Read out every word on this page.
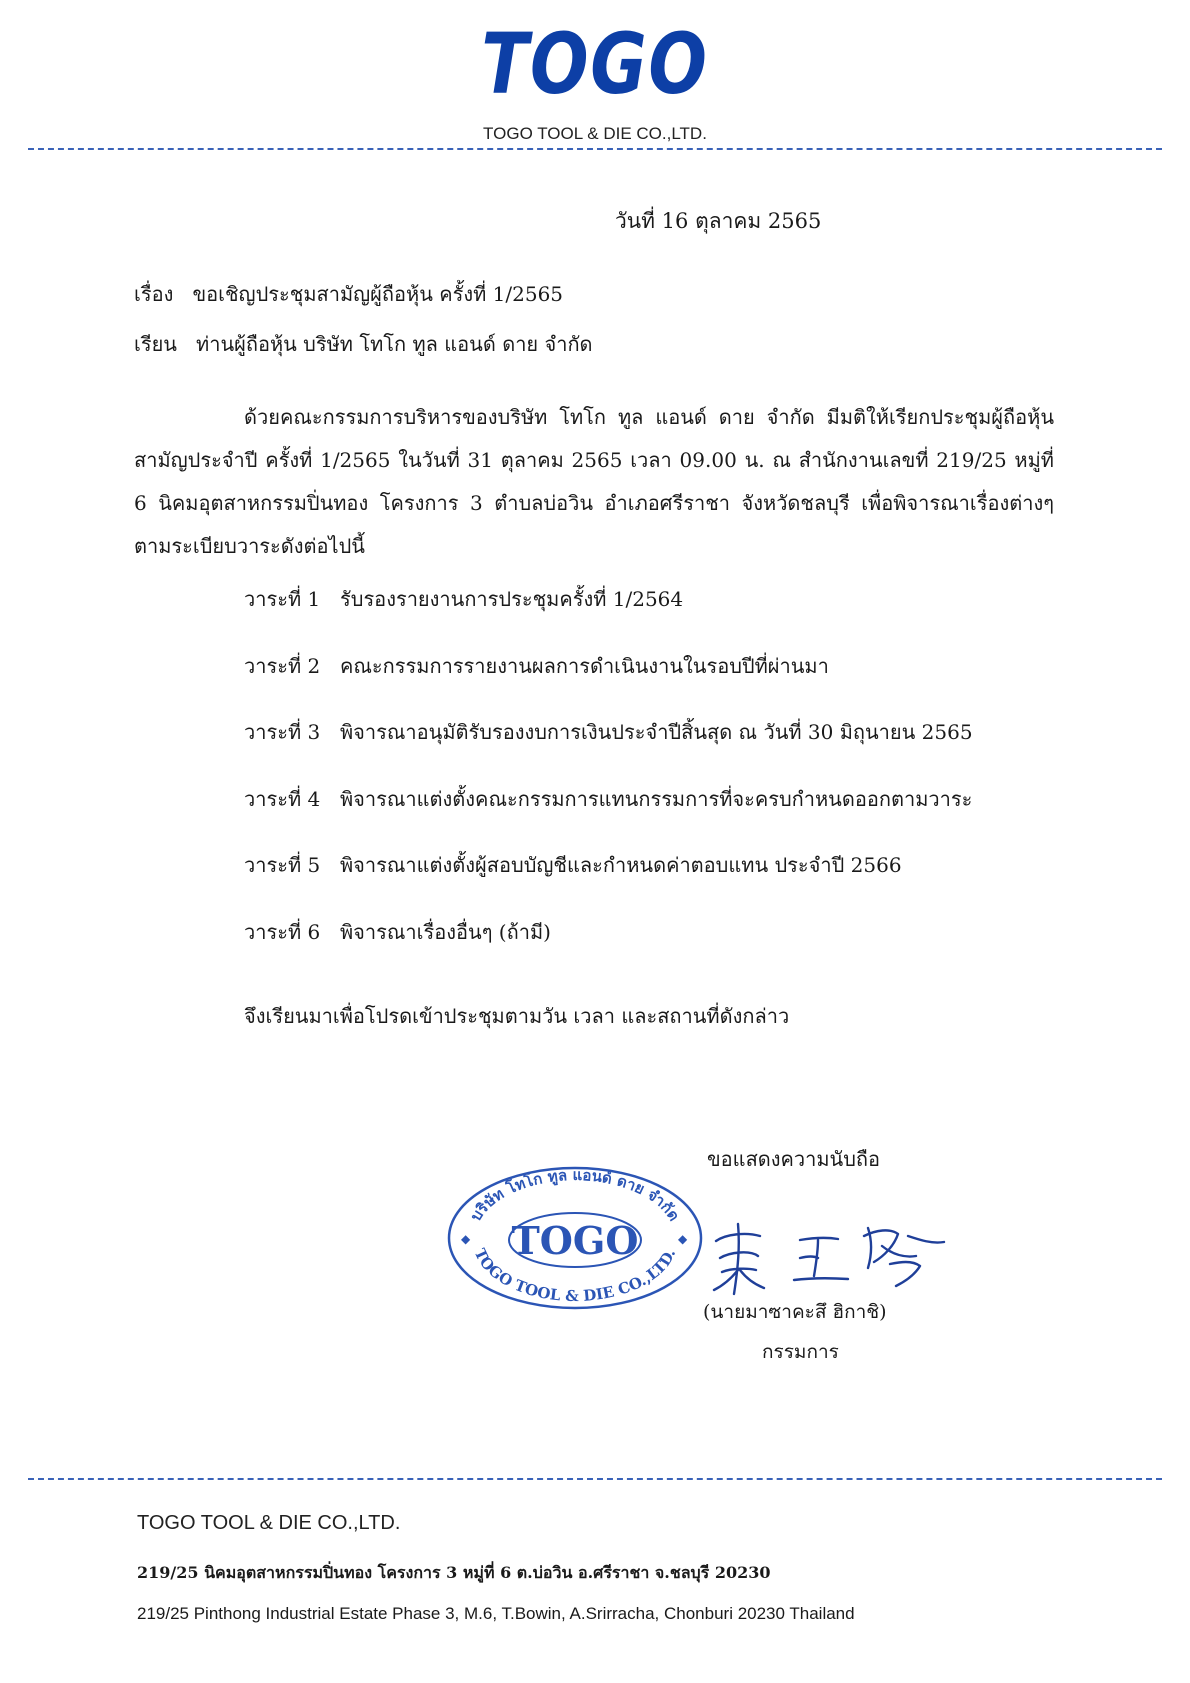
TOGO
TOGO TOOL & DIE CO.,LTD.
วันที่ 16 ตุลาคม 2565
เรื่อง ขอเชิญประชุมสามัญผู้ถือหุ้น ครั้งที่ 1/2565
เรียน ท่านผู้ถือหุ้น บริษัท โทโก ทูล แอนด์ ดาย จำกัด
ด้วยคณะกรรมการบริหารของบริษัท โทโก ทูล แอนด์ ดาย จำกัด มีมติให้เรียกประชุมผู้ถือหุ้นสามัญประจำปี ครั้งที่ 1/2565 ในวันที่ 31 ตุลาคม 2565 เวลา 09.00 น. ณ สำนักงานเลขที่ 219/25 หมู่ที่ 6 นิคมอุตสาหกรรมปิ่นทอง โครงการ 3 ตำบลบ่อวิน อำเภอศรีราชา จังหวัดชลบุรี เพื่อพิจารณาเรื่องต่างๆ ตามระเบียบวาระดังต่อไปนี้
วาระที่ 1 รับรองรายงานการประชุมครั้งที่ 1/2564
วาระที่ 2 คณะกรรมการรายงานผลการดำเนินงานในรอบปีที่ผ่านมา
วาระที่ 3 พิจารณาอนุมัติรับรองงบการเงินประจำปีสิ้นสุด ณ วันที่ 30 มิถุนายน 2565
วาระที่ 4 พิจารณาแต่งตั้งคณะกรรมการแทนกรรมการที่จะครบกำหนดออกตามวาระ
วาระที่ 5 พิจารณาแต่งตั้งผู้สอบบัญชีและกำหนดค่าตอบแทน ประจำปี 2566
วาระที่ 6 พิจารณาเรื่องอื่นๆ (ถ้ามี)
จึงเรียนมาเพื่อโปรดเข้าประชุมตามวัน เวลา และสถานที่ดังกล่าว
ขอแสดงความนับถือ
บริษัท โทโก ทูล แอนด์ ดาย จำกัด
TOGO
TOGO TOOL & DIE CO.,LTD.
◆	◆
(นายมาซาคะสึ ฮิกาชิ)
กรรมการ
TOGO TOOL & DIE CO.,LTD.
219/25 นิคมอุตสาหกรรมปิ่นทอง โครงการ 3 หมู่ที่ 6 ต.บ่อวิน อ.ศรีราชา จ.ชลบุรี 20230
219/25 Pinthong Industrial Estate Phase 3, M.6, T.Bowin, A.Srirracha, Chonburi 20230 Thailand
